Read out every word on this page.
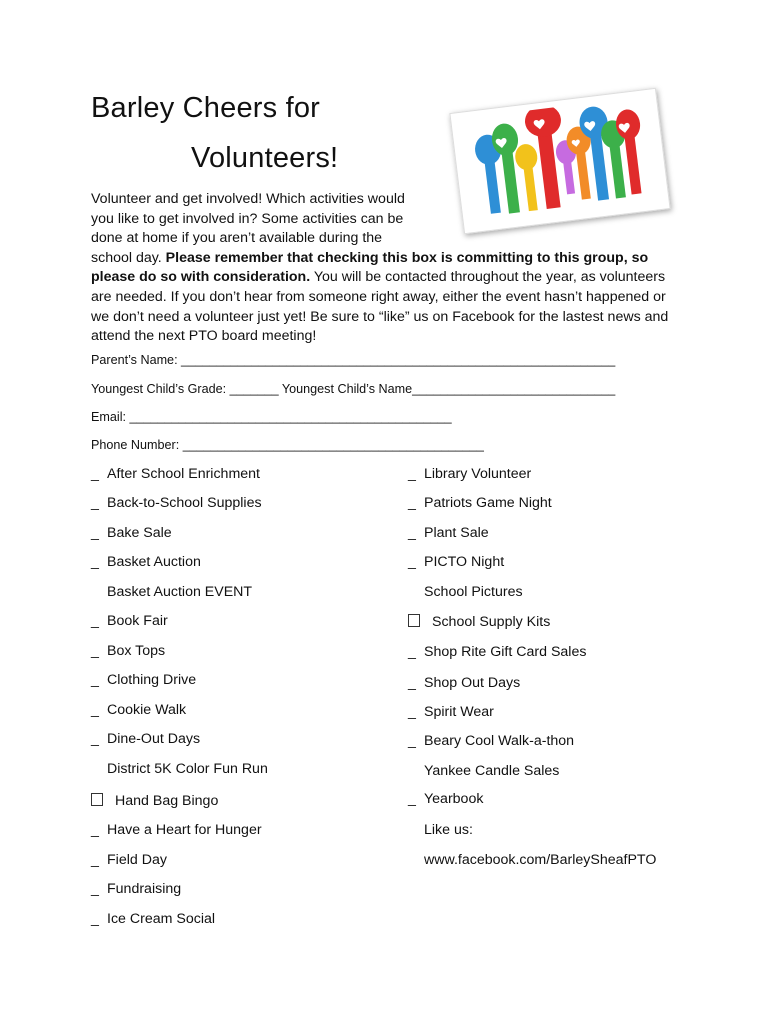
Barley Cheers for
Volunteers!
Volunteer and get involved! Which activities would
you like to get involved in? Some activities can be
done at home if you aren’t available during the
school day. Please remember that checking this box is committing to this group, so please do so with consideration. You will be contacted throughout the year, as volunteers are needed. If you don’t hear from someone right away, either the event hasn’t happened or we don’t need a volunteer just yet! Be sure to “like” us on Facebook for the lastest news and attend the next PTO board meeting!
Parent’s Name: ______________________________________________________________
Youngest Child’s Grade: _______ Youngest Child’s Name_____________________________
Email: ______________________________________________
Phone Number: ___________________________________________
_ After School Enrichment
_ Back-to-School Supplies
_ Bake Sale
_ Basket Auction
Basket Auction EVENT
_ Book Fair
_ Box Tops
_ Clothing Drive
_ Cookie Walk
_ Dine-Out Days
District 5K Color Fun Run
Hand Bag Bingo
_ Have a Heart for Hunger
_ Field Day
_ Fundraising
_ Ice Cream Social
_ Library Volunteer
_ Patriots Game Night
_ Plant Sale
_ PICTO Night
School Pictures
School Supply Kits
_ Shop Rite Gift Card Sales
_ Shop Out Days
_ Spirit Wear
_ Beary Cool Walk-a-thon
Yankee Candle Sales
_ Yearbook
Like us:
www.facebook.com/BarleySheafPTO
